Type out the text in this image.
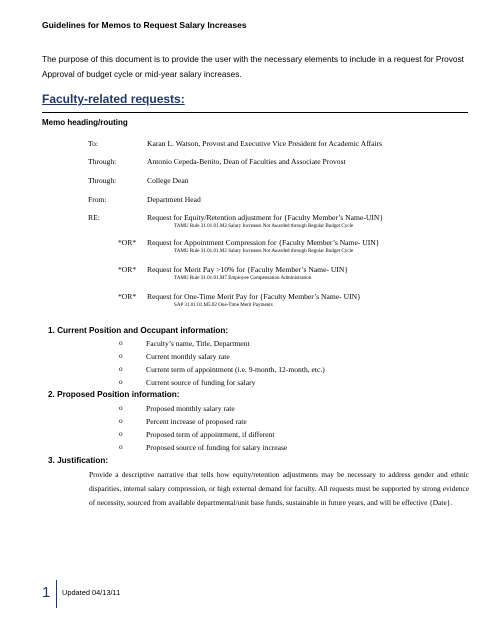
Guidelines for Memos to Request Salary Increases
The purpose of this document is to provide the user with the necessary elements to include in a request for Provost Approval of budget cycle or mid-year salary increases.
Faculty-related requests:
Memo heading/routing
To:	Karan L. Watson, Provost and Executive Vice President for Academic Affairs
Through:	Antonio Cepeda-Benito, Dean of Faculties and Associate Provost
Through:	College Dean
From:	Department Head
RE:	Request for Equity/Retention adjustment for {Faculty Member’s Name-UIN}
TAMU Rule 31.01.01.M2 Salary Increases Not Awarded through Regular Budget Cycle
*OR* Request for Appointment Compression for {Faculty Member’s Name- UIN}
TAMU Rule 31.01.01.M2 Salary Increases Not Awarded through Regular Budget Cycle
*OR* Request for Merit Pay >10% for {Faculty Member’s Name- UIN}
TAMU Rule 31.01.01.M7 Employee Compensation Administration
*OR* Request for One-Time Merit Pay for {Faculty Member’s Name- UIN}
SAP 31.01.01.M5.02 One-Time Merit Payments
1. Current Position and Occupant information:
o	Faculty’s name, Title, Department
o	Current monthly salary rate
o	Current term of appointment (i.e. 9-month, 12-month, etc.)
o	Current source of funding for salary
2. Proposed Position information:
o	Proposed monthly salary rate
o	Percent increase of proposed rate
o	Proposed term of appointment, if different
o	Proposed source of funding for salary increase
3. Justification:
Provide a descriptive narrative that tells how equity/retention adjustments may be necessary to address gender and ethnic disparities, internal salary compression, or high external demand for faculty. All requests must be supported by strong evidence of necessity, sourced from available departmental/unit base funds, sustainable in future years, and will be effective {Date}.
1 Updated 04/13/11
